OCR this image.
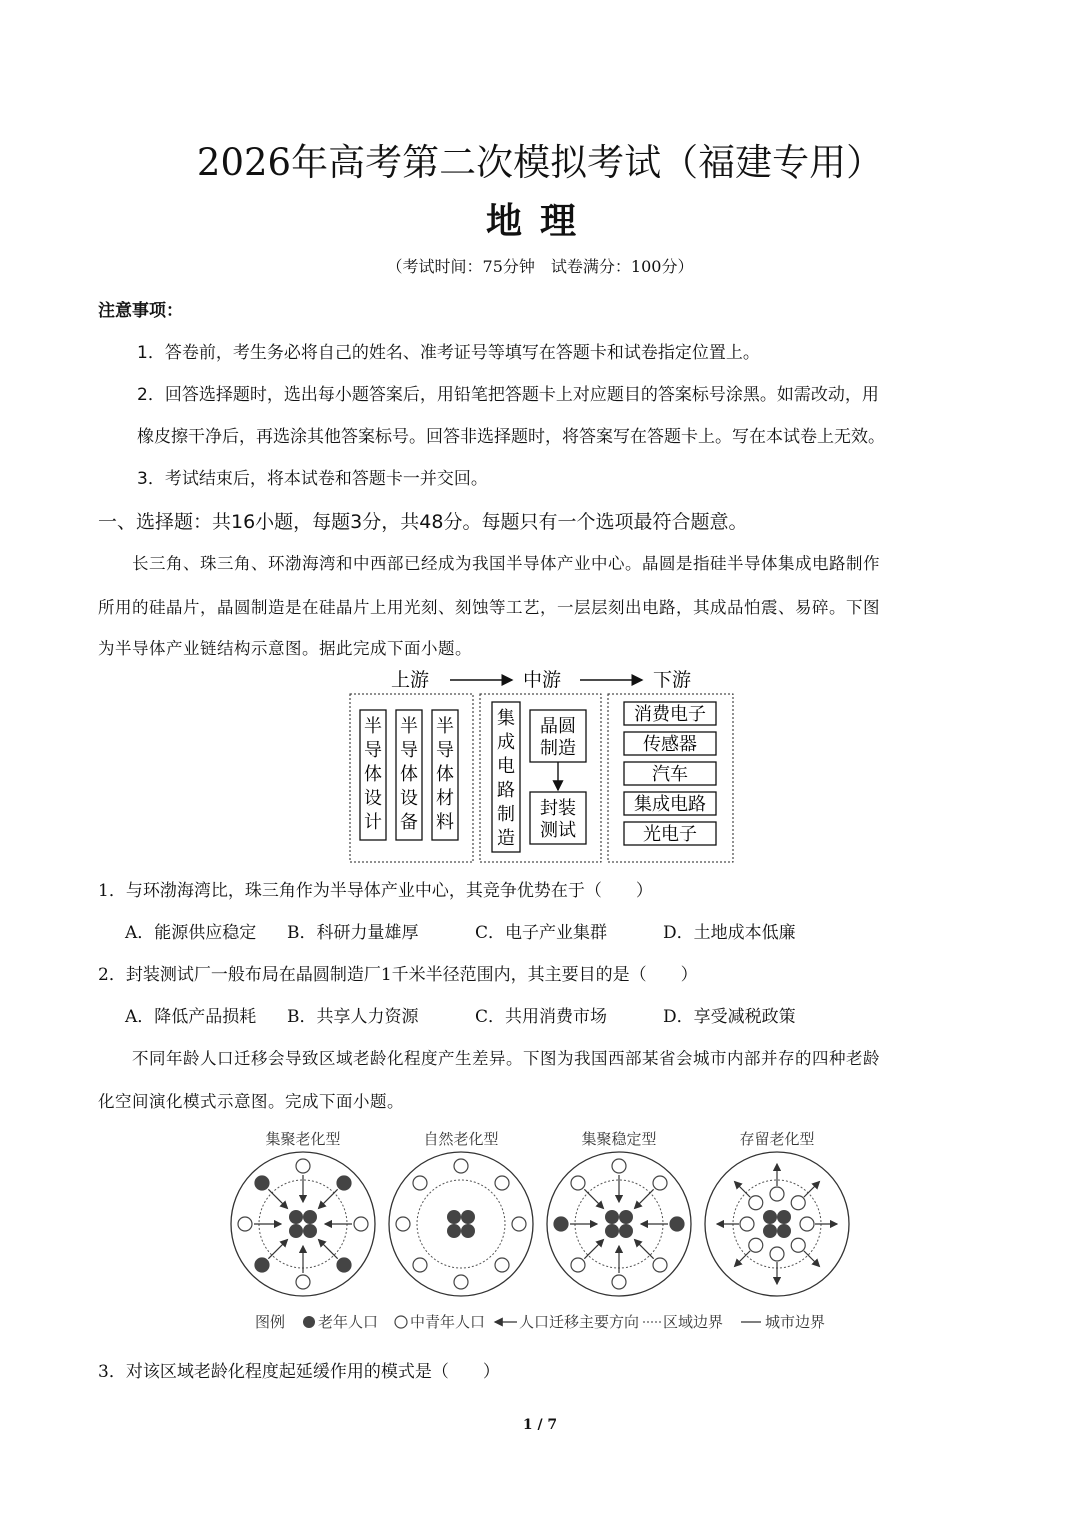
2026年高考第二次模拟考试（福建专用）
地理
（考试时间：75分钟　试卷满分：100分）
注意事项：
1．答卷前，考生务必将自己的姓名、准考证号等填写在答题卡和试卷指定位置上。
2．回答选择题时，选出每小题答案后，用铅笔把答题卡上对应题目的答案标号涂黑。如需改动，用
橡皮擦干净后，再选涂其他答案标号。回答非选择题时，将答案写在答题卡上。写在本试卷上无效。
3．考试结束后，将本试卷和答题卡一并交回。
一、选择题：共16小题，每题3分，共48分。每题只有一个选项最符合题意。
长三角、珠三角、环渤海湾和中西部已经成为我国半导体产业中心。晶圆是指硅半导体集成电路制作
所用的硅晶片，晶圆制造是在硅晶片上用光刻、刻蚀等工艺，一层层刻出电路，其成品怕震、易碎。下图
为半导体产业链结构示意图。据此完成下面小题。
上游	中游	下游
半导体设计
半导体设备
半导体材料
集成电路制造
晶圆制造
封装测试
消费电子
传感器
汽车
集成电路
光电子
1．与环渤海湾比，珠三角作为半导体产业中心，其竞争优势在于（　　）
A．能源供应稳定 B．科研力量雄厚	C．电子产业集群	D．土地成本低廉
2．封装测试厂一般布局在晶圆制造厂1千米半径范围内，其主要目的是（　　）
A．降低产品损耗 B．共享人力资源	C．共用消费市场	D．享受减税政策
不同年龄人口迁移会导致区域老龄化程度产生差异。下图为我国西部某省会城市内部并存的四种老龄
化空间演化模式示意图。完成下面小题。
集聚老化型	自然老化型	集聚稳定型	存留老化型
图例 老年人口 中青年人口 人口迁移主要方向 区域边界	城市边界
3．对该区域老龄化程度起延缓作用的模式是（　　）
1 / 7
